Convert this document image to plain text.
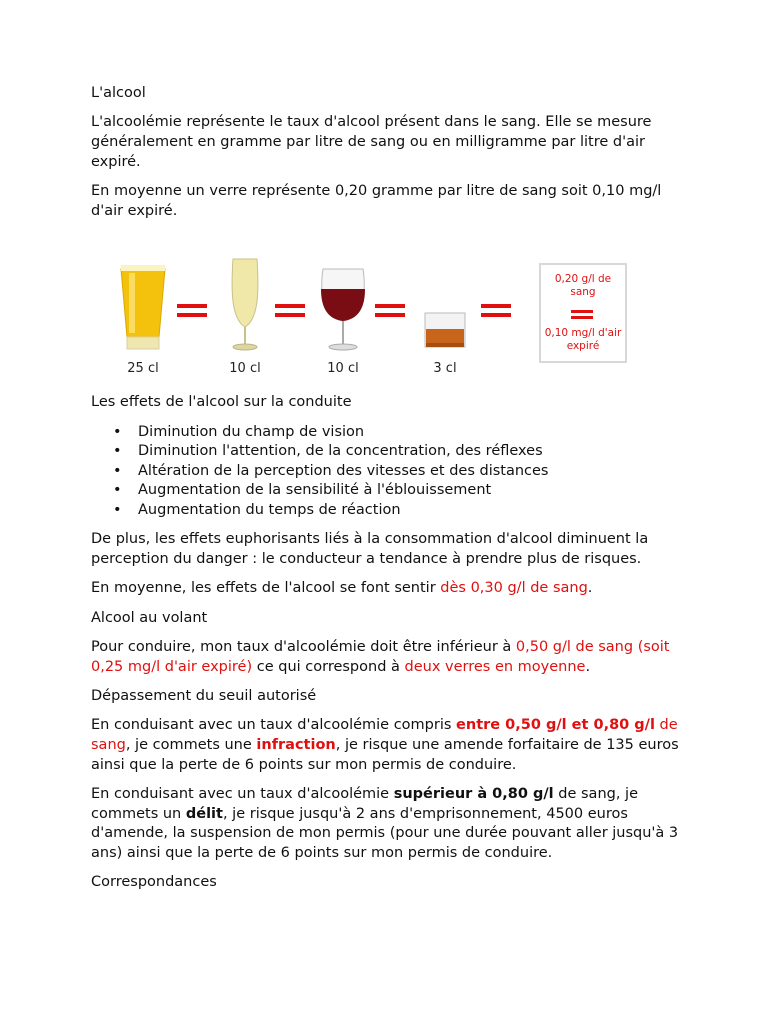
L'alcool

L'alcoolémie représente le taux d'alcool présent dans le sang. Elle se mesure généralement en gramme par litre de sang ou en milligramme par litre d'air expiré.

En moyenne un verre représente 0,20 gramme par litre de sang soit 0,10 mg/l d'air expiré.

25 cl	10 cl	10 cl	3 cl
0,20 g/l de sang
0,10 mg/l d'air expiré

Les effets de l'alcool sur la conduite

• Diminution du champ de vision
• Diminution l'attention, de la concentration, des réflexes
• Altération de la perception des vitesses et des distances
• Augmentation de la sensibilité à l'éblouissement
• Augmentation du temps de réaction

De plus, les effets euphorisants liés à la consommation d'alcool diminuent la perception du danger : le conducteur a tendance à prendre plus de risques.

En moyenne, les effets de l'alcool se font sentir dès 0,30 g/l de sang.

Alcool au volant

Pour conduire, mon taux d'alcoolémie doit être inférieur à 0,50 g/l de sang (soit 0,25 mg/l d'air expiré) ce qui correspond à deux verres en moyenne.

Dépassement du seuil autorisé

En conduisant avec un taux d'alcoolémie compris entre 0,50 g/l et 0,80 g/l de sang, je commets une infraction, je risque une amende forfaitaire de 135 euros ainsi que la perte de 6 points sur mon permis de conduire.

En conduisant avec un taux d'alcoolémie supérieur à 0,80 g/l de sang, je commets un délit, je risque jusqu'à 2 ans d'emprisonnement, 4500 euros d'amende, la suspension de mon permis (pour une durée pouvant aller jusqu'à 3 ans) ainsi que la perte de 6 points sur mon permis de conduire.

Correspondances
